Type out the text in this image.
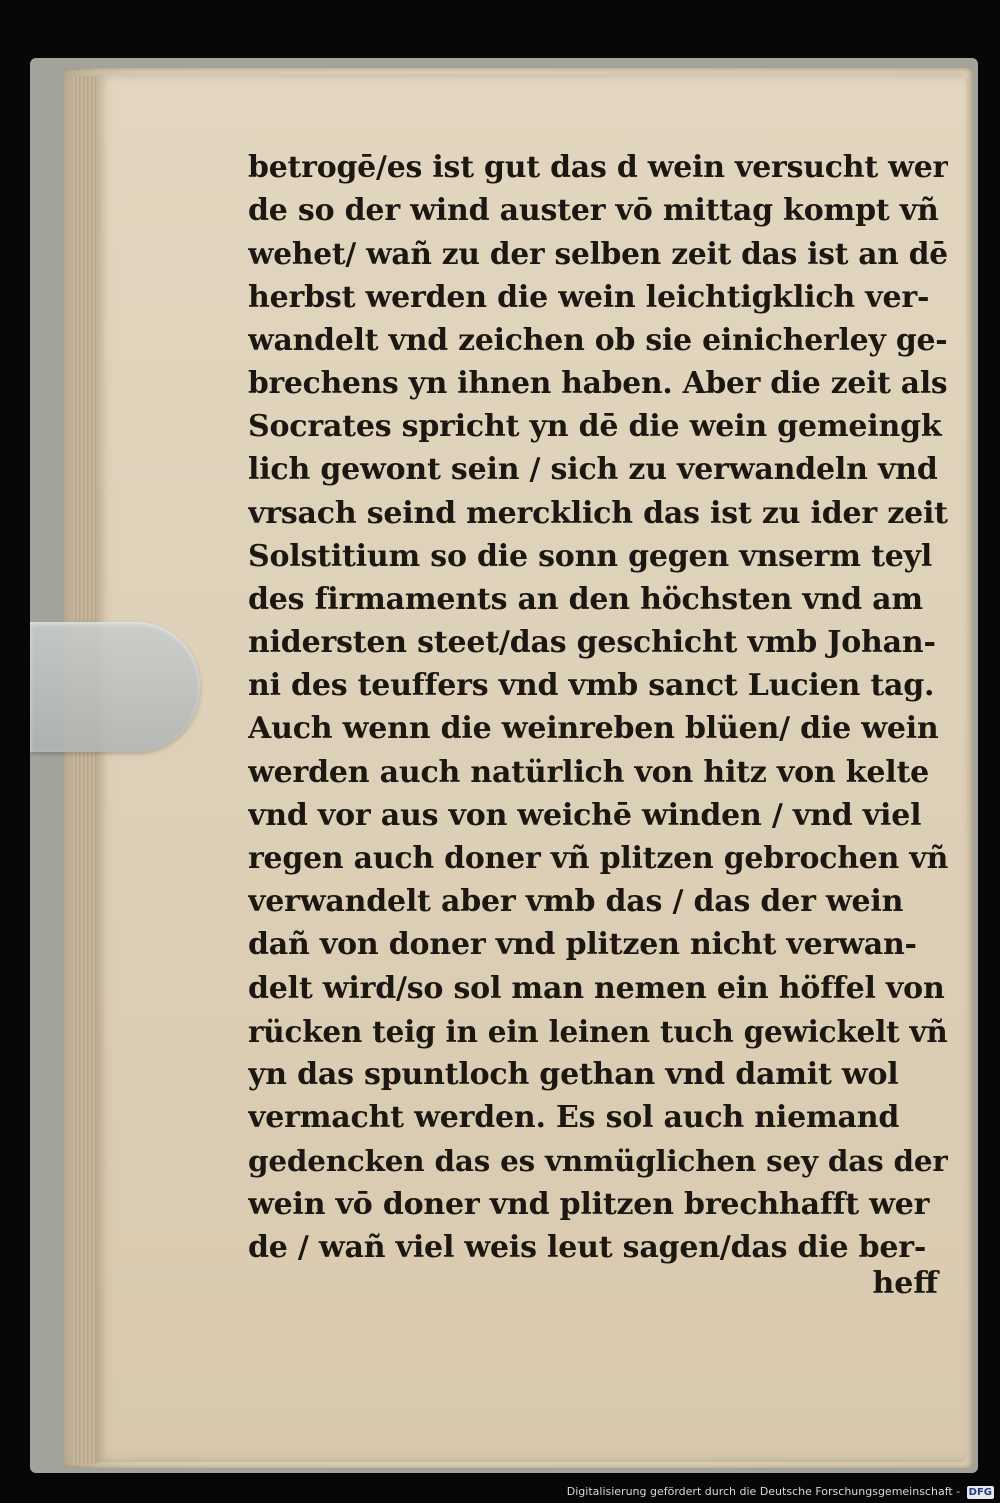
betrogē/es ist gut das d wein versucht wer
de so der wind auster vō mittag kompt vñ
wehet/ wañ zu der selben zeit das ist an dē
herbst werden die wein leichtigklich ver-
wandelt vnd zeichen ob sie einicherley ge-
brechens yn ihnen haben. Aber die zeit als
Socrates spricht yn dē die wein gemeingk
lich gewont sein / sich zu verwandeln vnd
vrsach seind mercklich das ist zu ider zeit
Solstitium so die sonn gegen vnserm teyl
des firmaments an den höchsten vnd am
nidersten steet/das geschicht vmb Johan-
ni des teuffers vnd vmb sanct Lucien tag.
Auch wenn die weinreben blüen/ die wein
werden auch natürlich von hitz von kelte
vnd vor aus von weichē winden / vnd viel
regen auch doner vñ plitzen gebrochen vñ
verwandelt aber vmb das / das der wein
dañ von doner vnd plitzen nicht verwan-
delt wird/so sol man nemen ein höffel von
rücken teig in ein leinen tuch gewickelt vñ
yn das spuntloch gethan vnd damit wol
vermacht werden. Es sol auch niemand
gedencken das es vnmüglichen sey das der
wein vō doner vnd plitzen brechhafft wer
de / wañ viel weis leut sagen/das die ber-
heff
Digitalisierung gefördert durch die Deutsche Forschungsgemeinschaft - DFG
